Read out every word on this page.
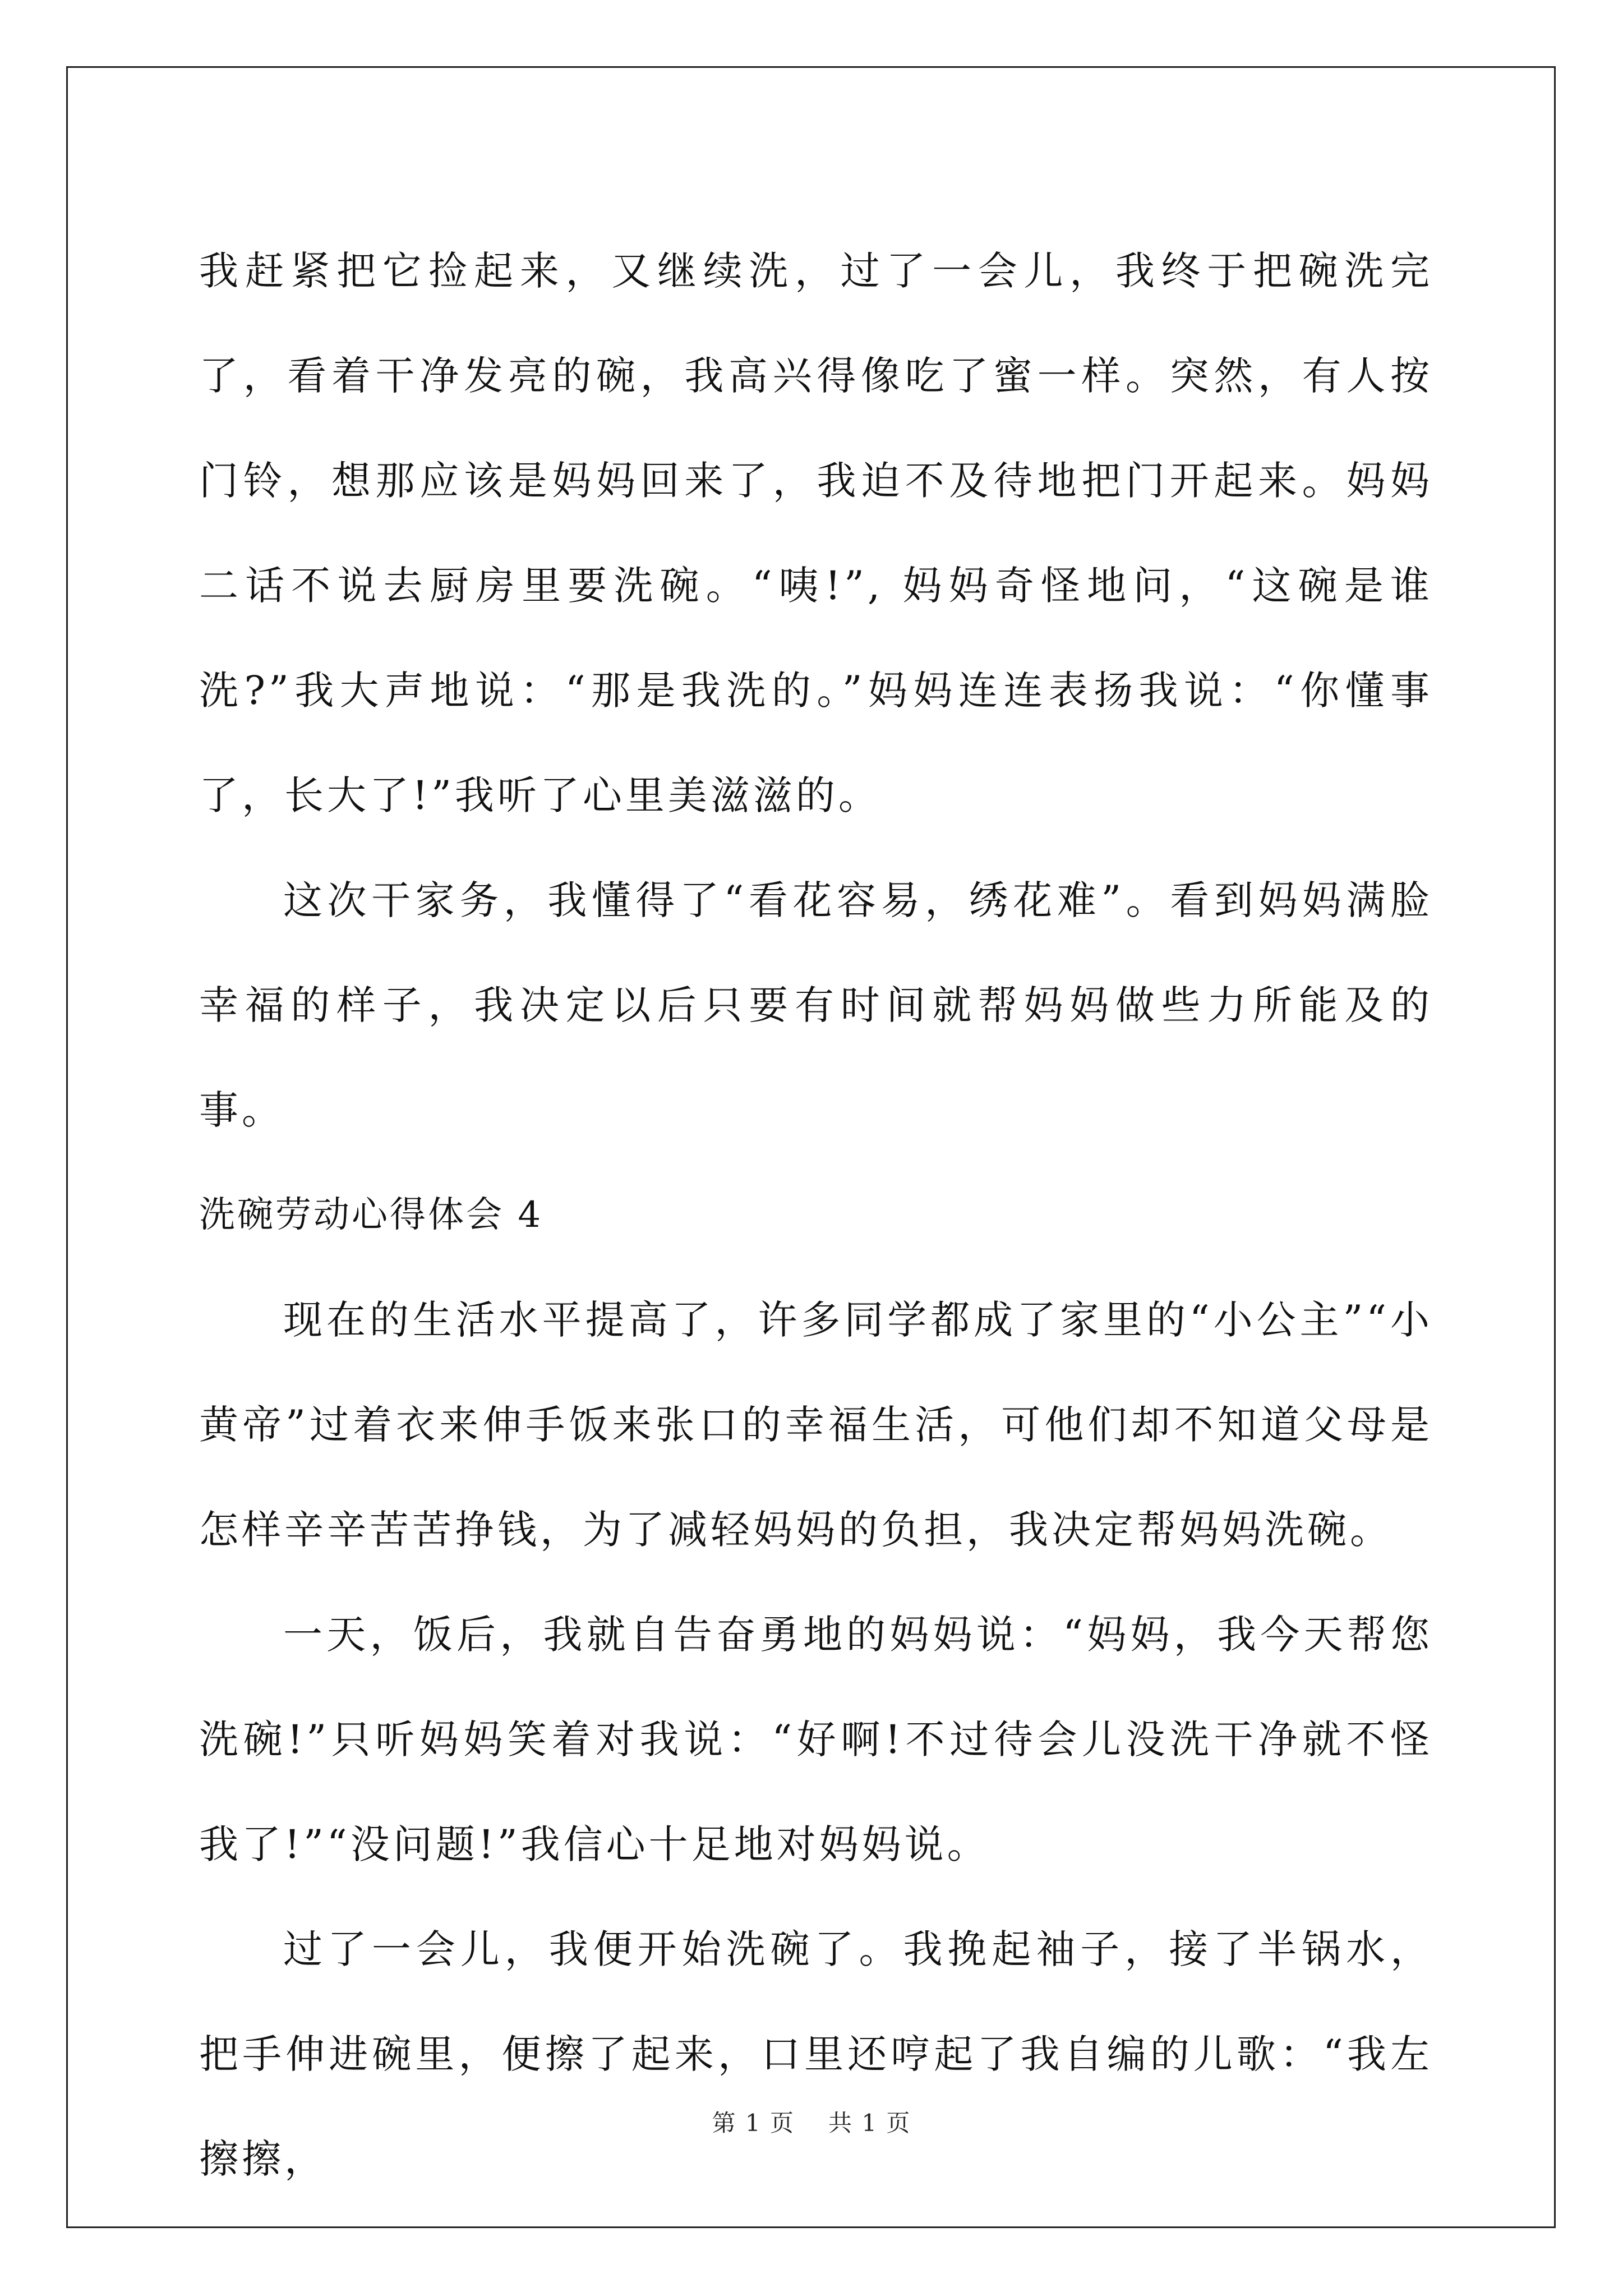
我赶紧把它捡起来，又继续洗，过了一会儿，我终于把碗洗完了，看着干净发亮的碗，我高兴得像吃了蜜一样。突然，有人按门铃，想那应该是妈妈回来了，我迫不及待地把门开起来。妈妈二话不说去厨房里要洗碗。“咦!”, 妈妈奇怪地问，“这碗是谁洗?”我大声地说：“那是我洗的。”妈妈连连表扬我说：“你懂事了，长大了!”我听了心里美滋滋的。

这次干家务，我懂得了“看花容易，绣花难”。看到妈妈满脸幸福的样子，我决定以后只要有时间就帮妈妈做些力所能及的事。

洗碗劳动心得体会 4

现在的生活水平提高了，许多同学都成了家里的“小公主”“小黄帝”过着衣来伸手饭来张口的幸福生活，可他们却不知道父母是怎样辛辛苦苦挣钱，为了减轻妈妈的负担，我决定帮妈妈洗碗。

一天，饭后，我就自告奋勇地的妈妈说：“妈妈，我今天帮您洗碗!”只听妈妈笑着对我说：“好啊!不过待会儿没洗干净就不怪我了!”“没问题!”我信心十足地对妈妈说。

过了一会儿，我便开始洗碗了。我挽起袖子，接了半锅水，把手伸进碗里，便擦了起来，口里还哼起了我自编的儿歌：“我左擦擦，

第 1 页 共 1 页
